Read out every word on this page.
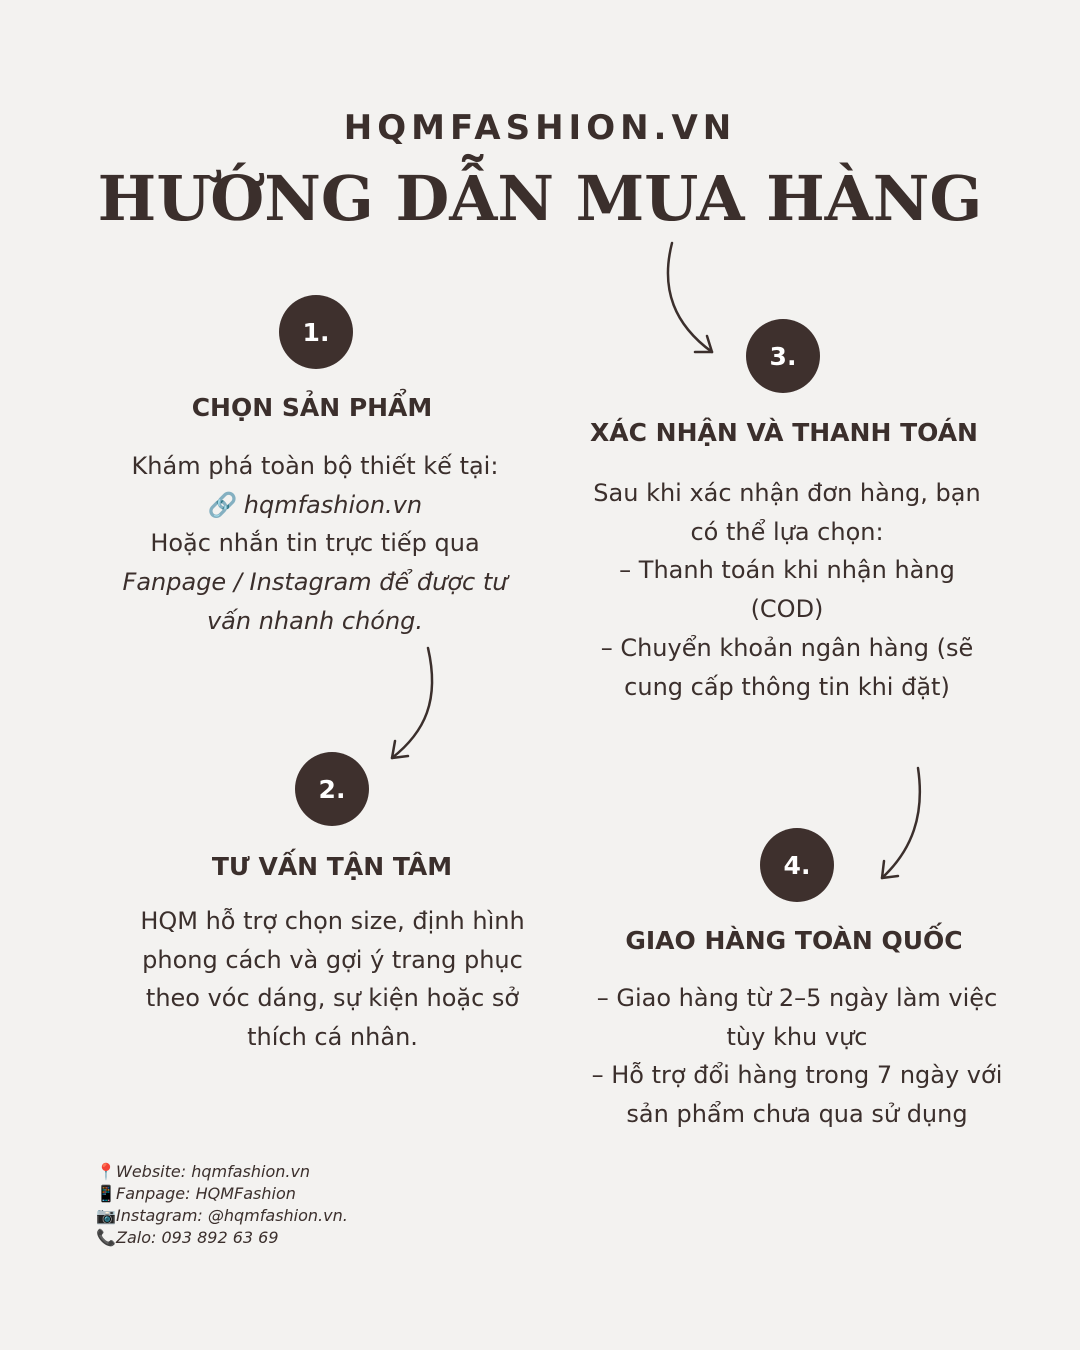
HQMFASHION.VN
HƯỚNG DẪN MUA HÀNG
1.
CHỌN SẢN PHẨM
Khám phá toàn bộ thiết kế tại:
🔗 hqmfashion.vn
Hoặc nhắn tin trực tiếp qua
Fanpage / Instagram để được tư
vấn nhanh chóng.
2.
TƯ VẤN TẬN TÂM
HQM hỗ trợ chọn size, định hình
phong cách và gợi ý trang phục
theo vóc dáng, sự kiện hoặc sở
thích cá nhân.
3.
XÁC NHẬN VÀ THANH TOÁN
Sau khi xác nhận đơn hàng, bạn
có thể lựa chọn:
– Thanh toán khi nhận hàng
(COD)
– Chuyển khoản ngân hàng (sẽ
cung cấp thông tin khi đặt)
4.
GIAO HÀNG TOÀN QUỐC
– Giao hàng từ 2–5 ngày làm việc
tùy khu vực
– Hỗ trợ đổi hàng trong 7 ngày với
sản phẩm chưa qua sử dụng
📍Website: hqmfashion.vn
📱Fanpage: HQMFashion
📷Instagram: @hqmfashion.vn.
📞Zalo: 093 892 63 69
